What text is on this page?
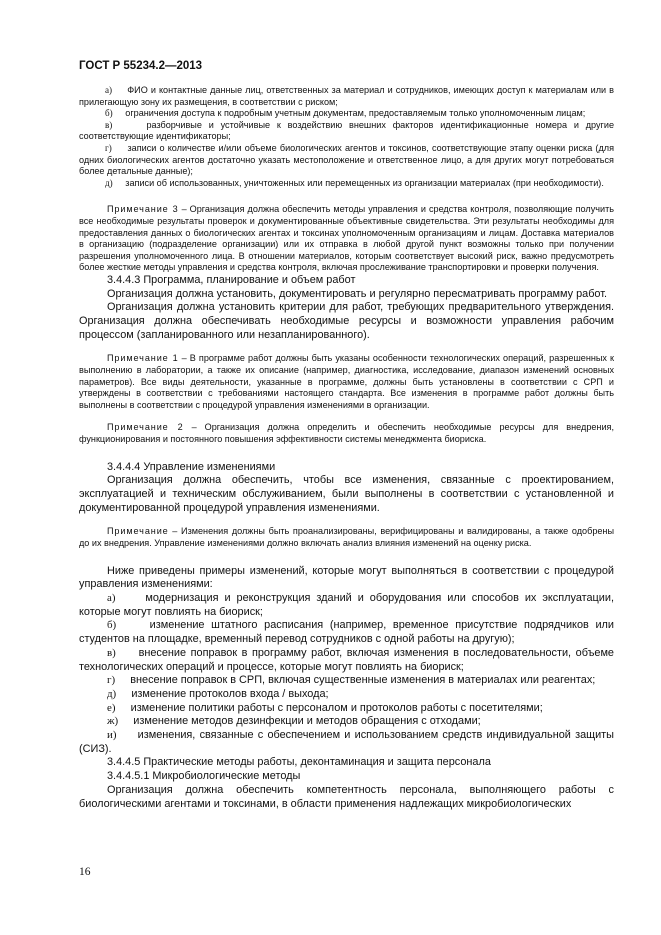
ГОСТ Р 55234.2—2013

а) ФИО и контактные данные лиц, ответственных за материал и сотрудников, имеющих доступ к материалам или в прилегающую зону их размещения, в соответствии с риском;

б) ограничения доступа к подробным учетным документам, предоставляемым только уполномоченным лицам;

в)	разборчивые и устойчивые к воздействию внешних факторов идентификационные номера и другие соответствующие идентификаторы;

г) записи о количестве и/или объеме биологических агентов и токсинов, соответствующие этапу оценки риска (для одних биологических агентов достаточно указать местоположение и ответственное лицо, а для других могут потребоваться более детальные данные);

д) записи об использованных, уничтоженных или перемещенных из организации материалах (при необходимости).

Примечание 3 – Организация должна обеспечить методы управления и средства контроля, позволяющие получить все необходимые результаты проверок и документированные объективные свидетельства. Эти результаты необходимы для предоставления данных о биологических агентах и токсинах уполномоченным организациям и лицам. Доставка материалов в организацию (подразделение организации) или их отправка в любой другой пункт возможны только при получении разрешения уполномоченного лица. В отношении материалов, которым соответствует высокий риск, важно предусмотреть более жесткие методы управления и средства контроля, включая прослеживание транспортировки и проверки получения.

3.4.4.3 Программа, планирование и объем работ

Организация должна установить, документировать и регулярно пересматривать программу работ.

Организация должна установить критерии для работ, требующих предварительного утверждения. Организация должна обеспечивать необходимые ресурсы и возможности управления рабочим процессом (запланированного или незапланированного).

Примечание 1 – В программе работ должны быть указаны особенности технологических операций, разрешенных к выполнению в лаборатории, а также их описание (например, диагностика, исследование, диапазон изменений основных параметров). Все виды деятельности, указанные в программе, должны быть установлены в соответствии с СРП и утверждены в соответствии с требованиями настоящего стандарта. Все изменения в программе работ должны быть выполнены в соответствии с процедурой управления изменениями в организации.

Примечание 2 – Организация должна определить и обеспечить необходимые ресурсы для внедрения, функционирования и постоянного повышения эффективности системы менеджмента биориска.

3.4.4.4 Управление изменениями

Организация должна обеспечить, чтобы все изменения, связанные с проектированием, эксплуатацией и техническим обслуживанием, были выполнены в соответствии с установленной и документированной процедурой управления изменениями.

Примечание – Изменения должны быть проанализированы, верифицированы и валидированы, а также одобрены до их внедрения. Управление изменениями должно включать анализ влияния изменений на оценку риска.

Ниже приведены примеры изменений, которые могут выполняться в соответствии с процедурой управления изменениями:

а)	модернизация и реконструкция зданий и оборудования или способов их эксплуатации, которые могут повлиять на биориск;

б)	изменение штатного расписания (например, временное присутствие подрядчиков или студентов на площадке, временный перевод сотрудников с одной работы на другую);

в) внесение поправок в программу работ, включая изменения в последовательности, объеме технологических операций и процессе, которые могут повлиять на биориск;

г) внесение поправок в СРП, включая существенные изменения в материалах или реагентах;

д) изменение протоколов входа / выхода;

е) изменение политики работы с персоналом и протоколов работы с посетителями;

ж) изменение методов дезинфекции и методов обращения с отходами;

и) изменения, связанные с обеспечением и использованием средств индивидуальной защиты (СИЗ).

3.4.4.5 Практические методы работы, деконтаминация и защита персонала

3.4.4.5.1 Микробиологические методы

Организация должна обеспечить компетентность персонала, выполняющего работы с биологическими агентами и токсинами, в области применения надлежащих микробиологических

16
